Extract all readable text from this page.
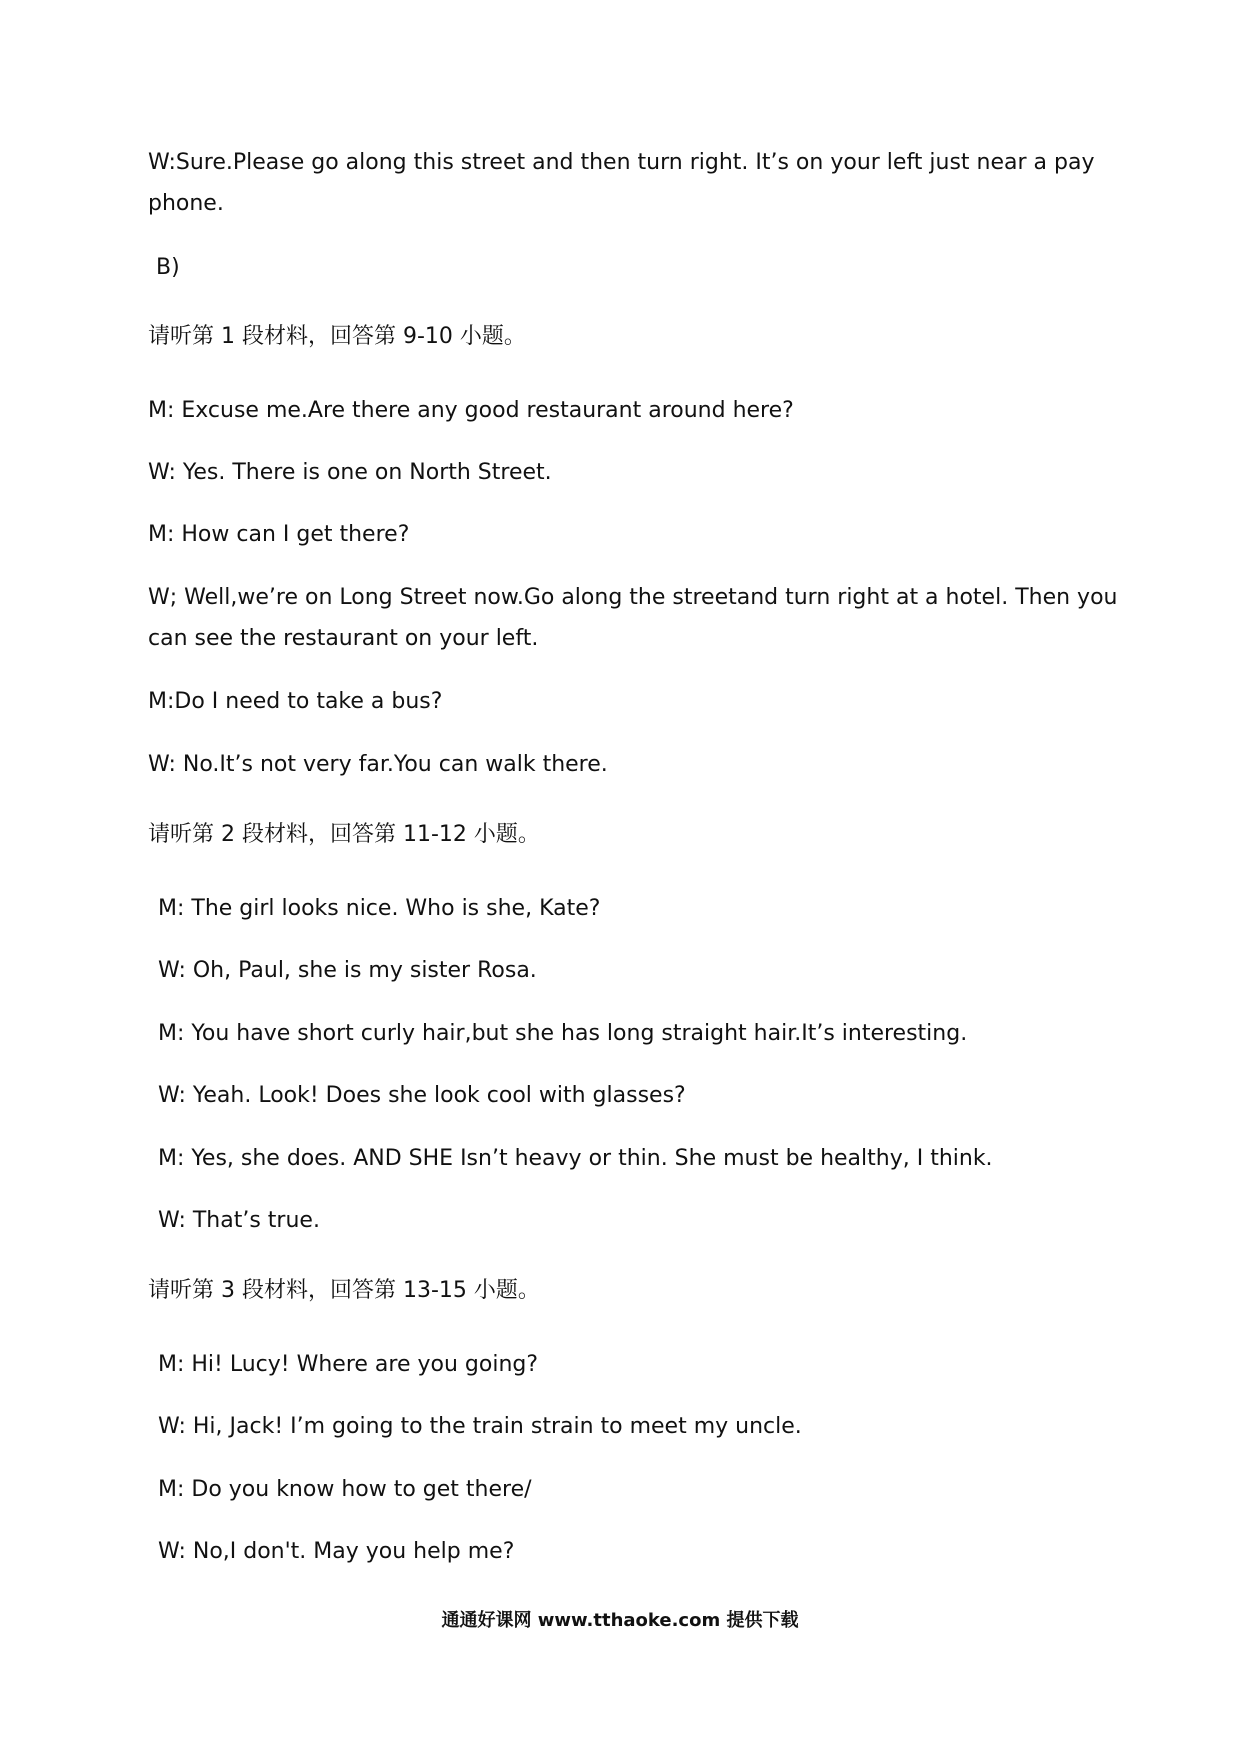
W:Sure.Please go along this street and then turn right. It’s on your left just near a pay
phone.
B)
请听第 1 段材料，回答第 9-10 小题。
M: Excuse me.Are there any good restaurant around here?
W: Yes. There is one on North Street.
M: How can I get there?
W; Well,we’re on Long Street now.Go along the streetand turn right at a hotel. Then you
can see the restaurant on your left.
M:Do I need to take a bus?
W: No.It’s not very far.You can walk there.
请听第 2 段材料，回答第 11-12 小题。
M: The girl looks nice. Who is she, Kate?
W: Oh, Paul, she is my sister Rosa.
M: You have short curly hair,but she has long straight hair.It’s interesting.
W: Yeah. Look! Does she look cool with glasses?
M: Yes, she does. AND SHE Isn’t heavy or thin. She must be healthy, I think.
W: That’s true.
请听第 3 段材料，回答第 13-15 小题。
M: Hi! Lucy! Where are you going?
W: Hi, Jack! I’m going to the train strain to meet my uncle.
M: Do you know how to get there/
W: No,I don't. May you help me?
通通好课网 www.tthaoke.com 提供下载
